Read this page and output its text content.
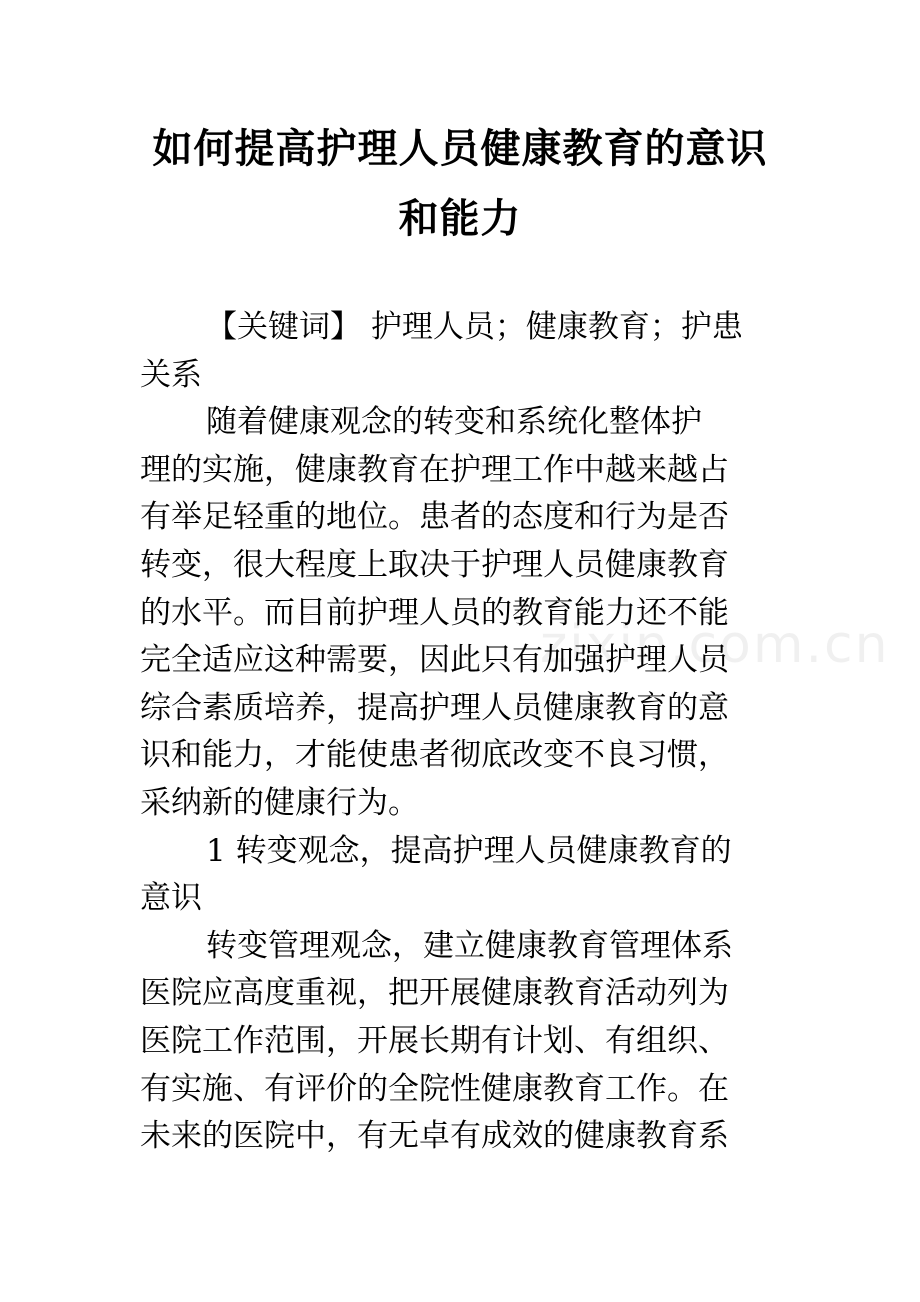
如何提高护理人员健康教育的意识
和能力
zixin.com.cn
【关键词】 护理人员；健康教育；护患
关系
随着健康观念的转变和系统化整体护
理的实施，健康教育在护理工作中越来越占
有举足轻重的地位。患者的态度和行为是否
转变，很大程度上取决于护理人员健康教育
的水平。而目前护理人员的教育能力还不能
完全适应这种需要，因此只有加强护理人员
综合素质培养，提高护理人员健康教育的意
识和能力，才能使患者彻底改变不良习惯，
采纳新的健康行为。
1 转变观念，提高护理人员健康教育的
意识
转变管理观念，建立健康教育管理体系
医院应高度重视，把开展健康教育活动列为
医院工作范围，开展长期有计划、有组织、
有实施、有评价的全院性健康教育工作。在
未来的医院中，有无卓有成效的健康教育系
